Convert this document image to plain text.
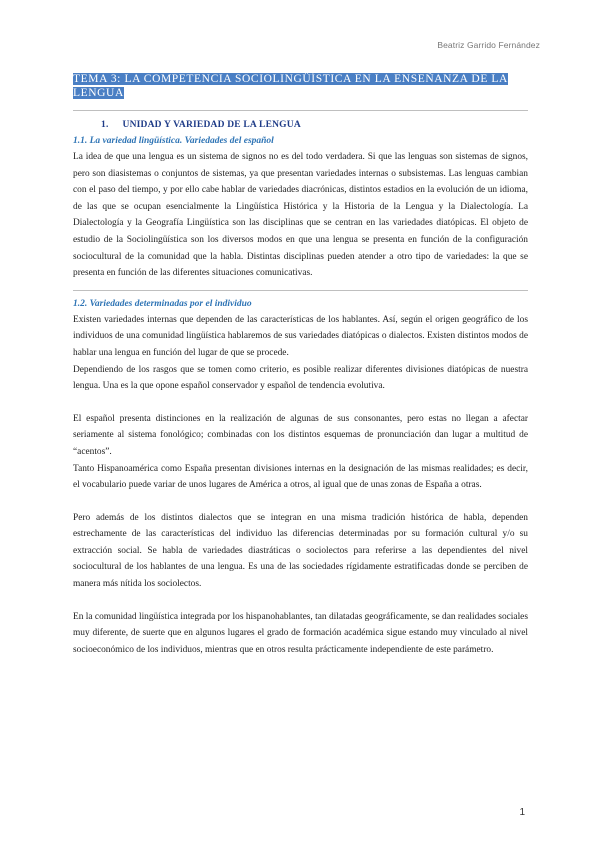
Beatriz Garrido Fernández
TEMA 3: LA COMPETENCIA SOCIOLINGÜÍSTICA EN LA ENSEÑANZA DE LA LENGUA
1. UNIDAD Y VARIEDAD DE LA LENGUA
1.1. La variedad lingüística. Variedades del español

La idea de que una lengua es un sistema de signos no es del todo verdadera. Si que las lenguas son sistemas de signos, pero son diasistemas o conjuntos de sistemas, ya que presentan variedades internas o subsistemas. Las lenguas cambian con el paso del tiempo, y por ello cabe hablar de variedades diacrónicas, distintos estadios en la evolución de un idioma, de las que se ocupan esencialmente la Lingüística Histórica y la Historia de la Lengua y la Dialectología. La Dialectología y la Geografía Lingüística son las disciplinas que se centran en las variedades diatópicas. El objeto de estudio de la Sociolingüística son los diversos modos en que una lengua se presenta en función de la configuración sociocultural de la comunidad que la habla. Distintas disciplinas pueden atender a otro tipo de variedades: la que se presenta en función de las diferentes situaciones comunicativas.

1.2. Variedades determinadas por el individuo

Existen variedades internas que dependen de las características de los hablantes. Así, según el origen geográfico de los individuos de una comunidad lingüística hablaremos de sus variedades diatópicas o dialectos. Existen distintos modos de hablar una lengua en función del lugar de que se procede.

Dependiendo de los rasgos que se tomen como criterio, es posible realizar diferentes divisiones diatópicas de nuestra lengua. Una es la que opone español conservador y español de tendencia evolutiva.

El español presenta distinciones en la realización de algunas de sus consonantes, pero estas no llegan a afectar seriamente al sistema fonológico; combinadas con los distintos esquemas de pronunciación dan lugar a multitud de “acentos”.

Tanto Hispanoamérica como España presentan divisiones internas en la designación de las mismas realidades; es decir, el vocabulario puede variar de unos lugares de América a otros, al igual que de unas zonas de España a otras.

Pero además de los distintos dialectos que se integran en una misma tradición histórica de habla, dependen estrechamente de las características del individuo las diferencias determinadas por su formación cultural y/o su extracción social. Se habla de variedades diastráticas o sociolectos para referirse a las dependientes del nivel sociocultural de los hablantes de una lengua. Es una de las sociedades rígidamente estratificadas donde se perciben de manera más nítida los sociolectos.

En la comunidad lingüística integrada por los hispanohablantes, tan dilatadas geográficamente, se dan realidades sociales muy diferente, de suerte que en algunos lugares el grado de formación académica sigue estando muy vinculado al nivel socioeconómico de los individuos, mientras que en otros resulta prácticamente independiente de este parámetro.

1
